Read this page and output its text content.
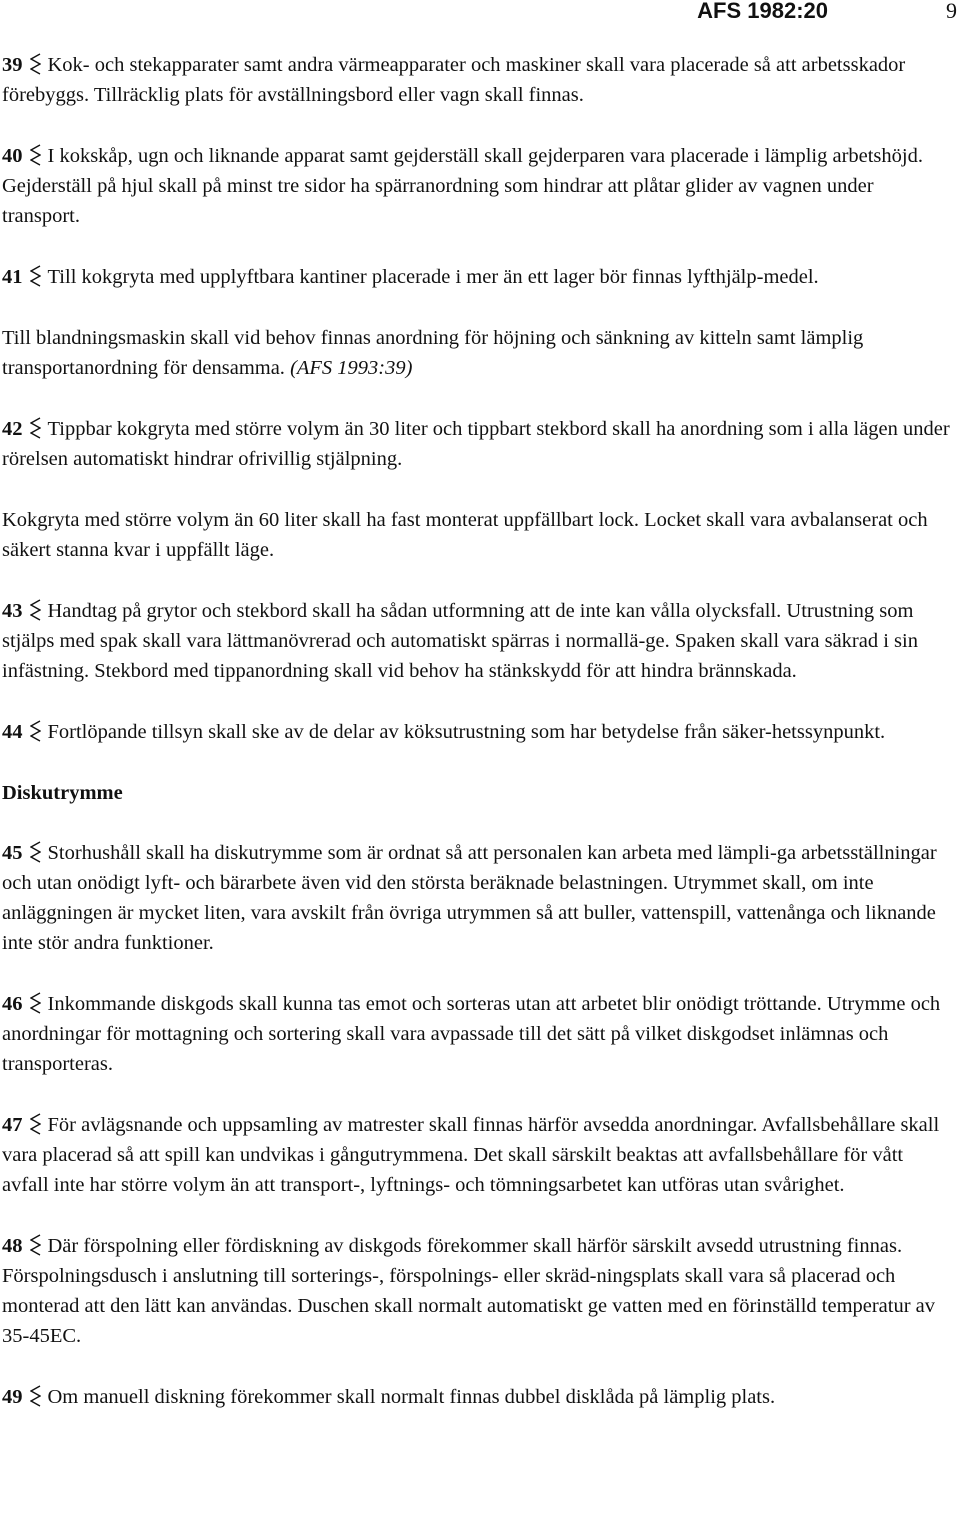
AFS 1982:20	9

39 Kok- och stekapparater samt andra värmeapparater och maskiner skall vara placerade så att arbetsskador förebyggs. Tillräcklig plats för avställningsbord eller vagn skall finnas.

40 I kokskåp, ugn och liknande apparat samt gejderställ skall gejderparen vara placerade i lämplig arbetshöjd. Gejderställ på hjul skall på minst tre sidor ha spärranordning som hindrar att plåtar glider av vagnen under transport.

41 Till kokgryta med upplyftbara kantiner placerade i mer än ett lager bör finnas lyfthjälp-medel.

Till blandningsmaskin skall vid behov finnas anordning för höjning och sänkning av kitteln samt lämplig transportanordning för densamma. (AFS 1993:39)

42 Tippbar kokgryta med större volym än 30 liter och tippbart stekbord skall ha anordning som i alla lägen under rörelsen automatiskt hindrar ofrivillig stjälpning.

Kokgryta med större volym än 60 liter skall ha fast monterat uppfällbart lock. Locket skall vara avbalanserat och säkert stanna kvar i uppfällt läge.

43 Handtag på grytor och stekbord skall ha sådan utformning att de inte kan vålla olycksfall. Utrustning som stjälps med spak skall vara lättmanövrerad och automatiskt spärras i normallä-ge. Spaken skall vara säkrad i sin infästning. Stekbord med tippanordning skall vid behov ha stänkskydd för att hindra brännskada.

44 Fortlöpande tillsyn skall ske av de delar av köksutrustning som har betydelse från säker-hetssynpunkt.

Diskutrymme

45 Storhushåll skall ha diskutrymme som är ordnat så att personalen kan arbeta med lämpli-ga arbetsställningar och utan onödigt lyft- och bärarbete även vid den största beräknade belastningen. Utrymmet skall, om inte anläggningen är mycket liten, vara avskilt från övriga utrymmen så att buller, vattenspill, vattenånga och liknande inte stör andra funktioner.

46 Inkommande diskgods skall kunna tas emot och sorteras utan att arbetet blir onödigt tröttande. Utrymme och anordningar för mottagning och sortering skall vara avpassade till det sätt på vilket diskgodset inlämnas och transporteras.

47 För avlägsnande och uppsamling av matrester skall finnas härför avsedda anordningar. Avfallsbehållare skall vara placerad så att spill kan undvikas i gångutrymmena. Det skall särskilt beaktas att avfallsbehållare för vått avfall inte har större volym än att transport-, lyftnings- och tömningsarbetet kan utföras utan svårighet.

48 Där förspolning eller fördiskning av diskgods förekommer skall härför särskilt avsedd utrustning finnas. Förspolningsdusch i anslutning till sorterings-, förspolnings- eller skräd-ningsplats skall vara så placerad och monterad att den lätt kan användas. Duschen skall normalt automatiskt ge vatten med en förinställd temperatur av 35-45EC.

49 Om manuell diskning förekommer skall normalt finnas dubbel disklåda på lämplig plats.
